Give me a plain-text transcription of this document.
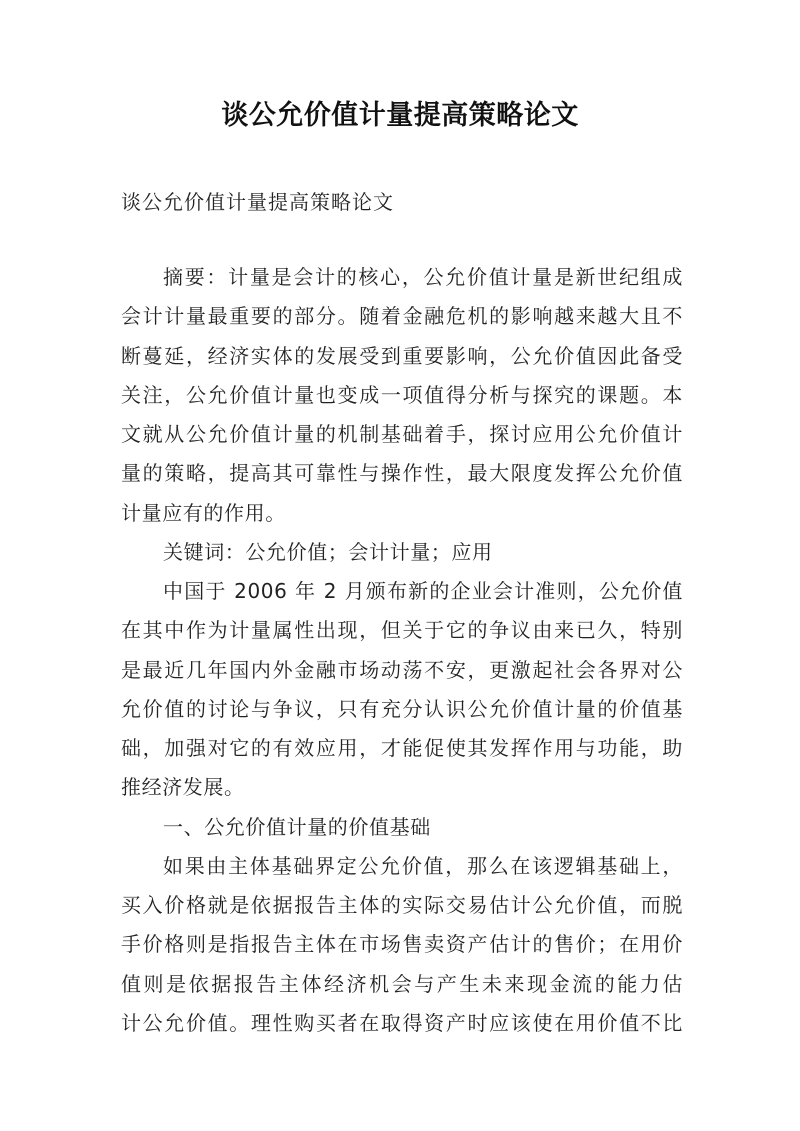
谈公允价值计量提高策略论文
谈公允价值计量提高策略论文
摘要：计量是会计的核心，公允价值计量是新世纪组成
会计计量最重要的部分。随着金融危机的影响越来越大且不
断蔓延，经济实体的发展受到重要影响，公允价值因此备受
关注，公允价值计量也变成一项值得分析与探究的课题。本
文就从公允价值计量的机制基础着手，探讨应用公允价值计
量的策略，提高其可靠性与操作性，最大限度发挥公允价值
计量应有的作用。
关键词：公允价值；会计计量；应用
中国于 2006 年 2 月颁布新的企业会计准则，公允价值
在其中作为计量属性出现，但关于它的争议由来已久，特别
是最近几年国内外金融市场动荡不安，更激起社会各界对公
允价值的讨论与争议，只有充分认识公允价值计量的价值基
础，加强对它的有效应用，才能促使其发挥作用与功能，助
推经济发展。
一、公允价值计量的价值基础
如果由主体基础界定公允价值，那么在该逻辑基础上，
买入价格就是依据报告主体的实际交易估计公允价值，而脱
手价格则是指报告主体在市场售卖资产估计的售价；在用价
值则是依据报告主体经济机会与产生未来现金流的能力估
计公允价值。理性购买者在取得资产时应该使在用价值不比
